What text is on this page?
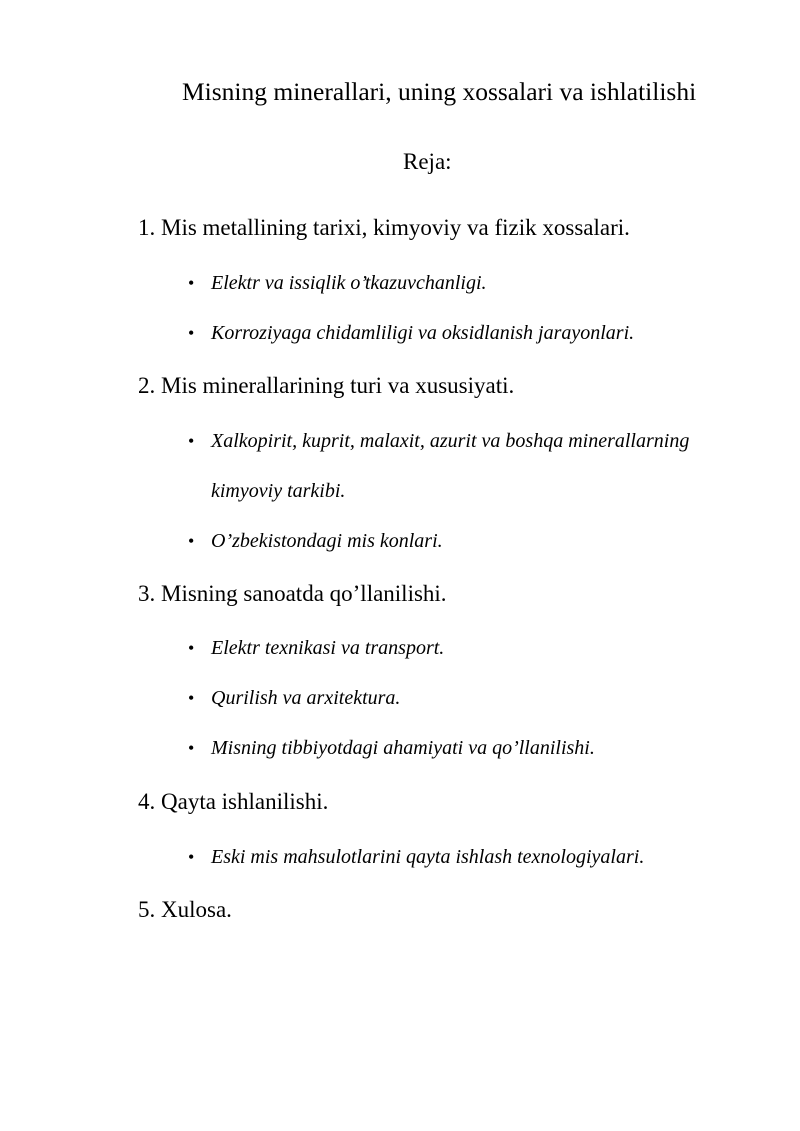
Misning minerallari, uning xossalari va ishlatilishi
Reja:
1. Mis metallining tarixi, kimyoviy va fizik xossalari.
• Elektr va issiqlik o’tkazuvchanligi.
• Korroziyaga chidamliligi va oksidlanish jarayonlari.
2. Mis minerallarining turi va xususiyati.
• Xalkopirit, kuprit, malaxit, azurit va boshqa minerallarning
kimyoviy tarkibi.
• O’zbekistondagi mis konlari.
3. Misning sanoatda qo’llanilishi.
• Elektr texnikasi va transport.
• Qurilish va arxitektura.
• Misning tibbiyotdagi ahamiyati va qo’llanilishi.
4. Qayta ishlanilishi.
• Eski mis mahsulotlarini qayta ishlash texnologiyalari.
5. Xulosa.
